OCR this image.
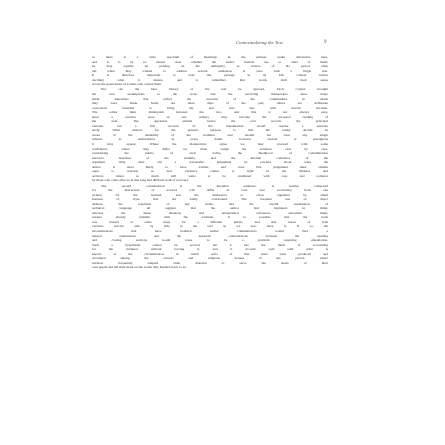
Contextualizing the Text	9
so there is a wide spectrum of meanings in the phrases under discussion here,
and it is by no means clear whether the author intends one or other of them;
he may equally be playing on the ambiguity, as writers of his period often
did when they wished to address several audiences at once with a single text.
It is therefore important to read the passage in its full context before
deciding what it means, and to remember that words shift their sense
across the generations of scribes who copied them.
Nor can the later history of the text be ignored. Each copyist brought
his own assumptions to the work, and the surviving manuscripts show many
small alterations that reflect the concerns of the communities in which
they were made. Some are mere slips of the pen; others are deliberate
corrections intended to bring the text into line with current doctrine.
The editor must distinguish between the two, and this is not always easy,
since a careless error in one century may become the accepted reading of
the next. The apparatus printed below the text records the principal
variants, but a full account of the transmission would require a separate
study. What matters for the present purpose is that the reader should be
aware of the instability of the tradition and should not treat any single
witness as authoritative in every detail, however ancient or prestigious
it may appear. Where the manuscripts agree we may proceed with some
confidence; where they differ we must weigh the evidence case by case,
considering the habits of each scribe, the likelihood of contamination
between branches of the stemma, and the internal coherence of the
argument. Only then can a reasonable judgement be reached about what the
author is most likely to have written, and even that judgement must remain
open to revision as new evidence comes to light in the libraries and
archives where so much still waits to be examined with care and patience
by those who come after us in this long and difficult work of recovery.
The second consideration is the intended audience. A treatise composed
for the instruction of novices will differ in tone and vocabulary from one
written for the learned, and the distinction is often signalled by small
features of style that are easily overlooked. The frequent use of direct
address, the repetition of key terms, and the careful explanation of
technical language all suggest that the author had beginners in mind,
whereas the dense allusions and unexplained references elsewhere imply
readers already familiar with the tradition. It is possible that the work
was revised at some stage for a different public, and that traces of both
versions survive side by side in the text as we now have it. If so, the
inconsistencies that have troubled earlier commentators would find a
natural explanation, and the apparent contradictions between the opening
and closing sections would cease to be a problem requiring emendation.
Such a hypothesis cannot be proved, but it has the merit of accounting
for the evidence without forcing it, and it accords well with what is
known of the circumstances in which texts of this kind were produced and
circulated among the schools and religious houses of the period, where
teachers frequently adapted older material to serve the needs of their
own pupils and left their mark on the works they handed down to us.
